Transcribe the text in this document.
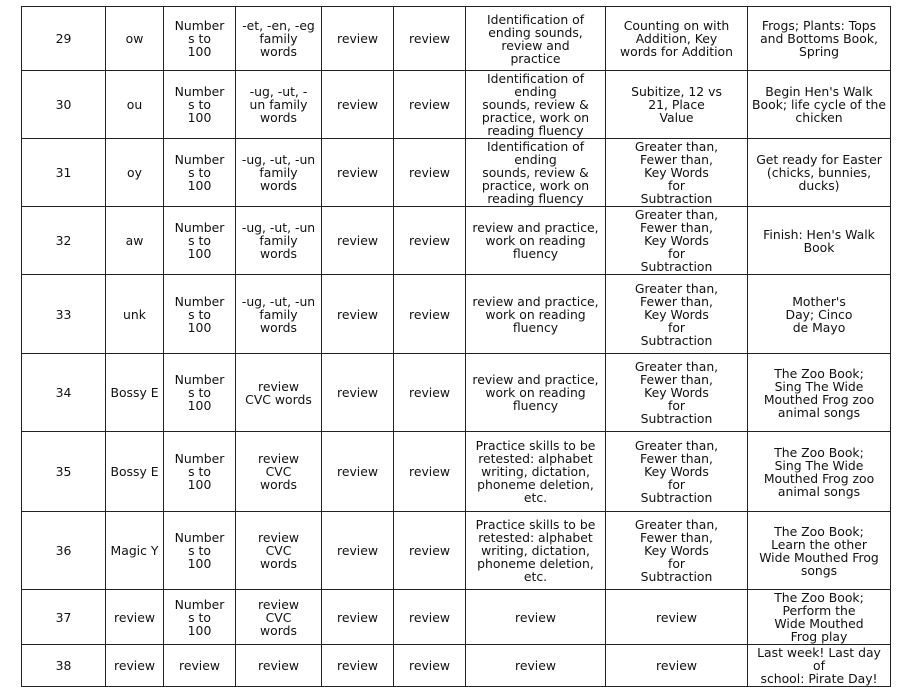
29	ow	Number
s to
100	-et, -en, -eg
family words	review	review	Identification of
ending sounds,
review and
practice	Counting on with
Addition, Key
words for Addition	Frogs; Plants: Tops
and Bottoms Book,
Spring

30	ou	Number
s to
100	-ug, -ut, -
un family
words	review	review	Identification of ending
sounds, review &
practice, work on
reading fluency	Subitize, 12 vs
21, Place
Value	Begin Hen's Walk
Book; life cycle of the
chicken

31	oy	Number
s to
100	-ug, -ut, -un
family words	review	review	Identification of ending
sounds, review &
practice, work on
reading fluency	Greater than,
Fewer than,
Key Words
for
Subtraction	Get ready for Easter
(chicks, bunnies,
ducks)

32	aw	Number
s to
100	-ug, -ut, -un
family words	review	review	review and practice,
work on reading
fluency	Greater than,
Fewer than,
Key Words
for
Subtraction	Finish: Hen's Walk
Book

33	unk	Number
s to
100	-ug, -ut, -un
family words	review	review	review and practice,
work on reading
fluency	Greater than,
Fewer than,
Key Words
for
Subtraction	Mother's
Day; Cinco
de Mayo

34	Bossy E	Number
s to
100	review
CVC words	review	review	review and practice,
work on reading
fluency	Greater than,
Fewer than,
Key Words
for
Subtraction	The Zoo Book;
Sing The Wide
Mouthed Frog zoo
animal songs

35	Bossy E	Number
s to
100	review
CVC
words	review	review	Practice skills to be
retested: alphabet
writing, dictation,
phoneme deletion,
etc.	Greater than,
Fewer than,
Key Words
for
Subtraction	The Zoo Book;
Sing The Wide
Mouthed Frog zoo
animal songs

36	Magic Y	Number
s to
100	review
CVC
words	review	review	Practice skills to be
retested: alphabet
writing, dictation,
phoneme deletion,
etc.	Greater than,
Fewer than,
Key Words
for
Subtraction	The Zoo Book;
Learn the other
Wide Mouthed Frog
songs

37	review	Number
s to
100	review
CVC
words	review	review	review	review	The Zoo Book;
Perform the
Wide Mouthed
Frog play

38	review	review	review	review	review	review	review	Last week! Last day of
school: Pirate Day!
